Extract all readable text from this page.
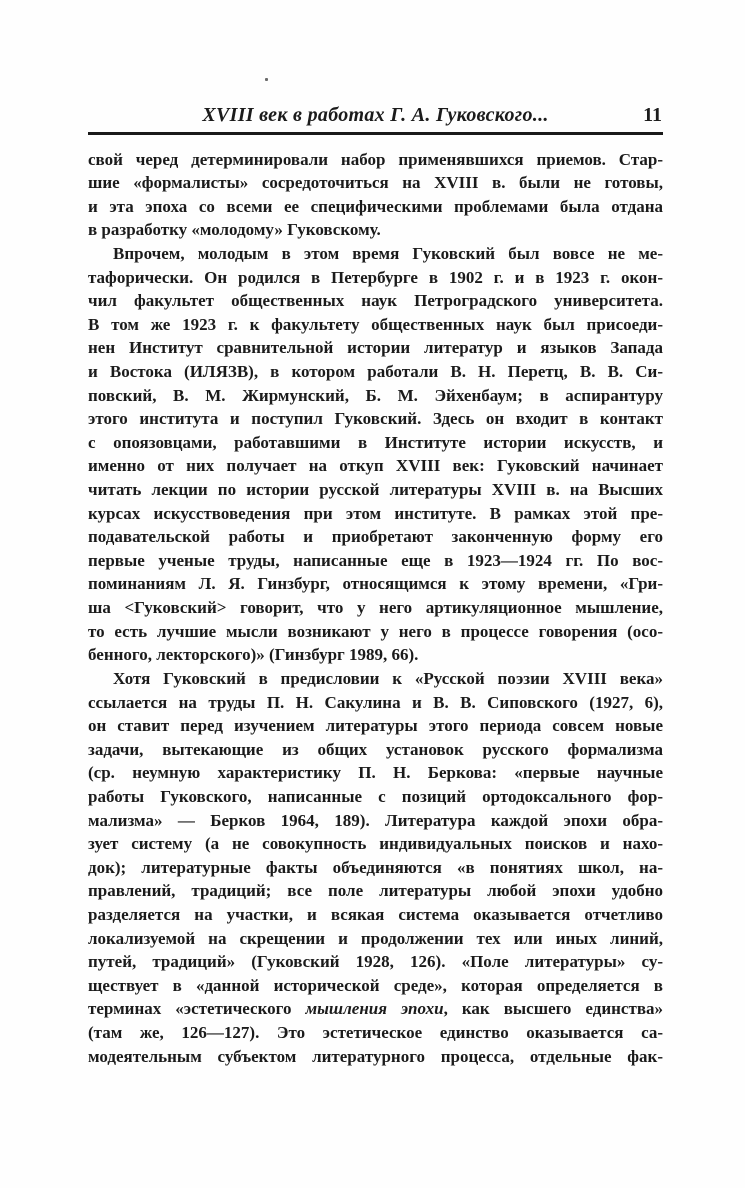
XVIII век в работах Г. А. Гуковского...	11
свой черед детерминировали набор применявшихся приемов. Стар-
шие «формалисты» сосредоточиться на XVIII в. были не готовы,
и эта эпоха со всеми ее специфическими проблемами была отдана
в разработку «молодому» Гуковскому.
Впрочем, молодым в этом время Гуковский был вовсе не ме-
тафорически. Он родился в Петербурге в 1902 г. и в 1923 г. окон-
чил факультет общественных наук Петроградского университета.
В том же 1923 г. к факультету общественных наук был присоеди-
нен Институт сравнительной истории литератур и языков Запада
и Востока (ИЛЯЗВ), в котором работали В. Н. Перетц, В. В. Си-
повский, В. М. Жирмунский, Б. М. Эйхенбаум; в аспирантуру
этого института и поступил Гуковский. Здесь он входит в контакт
с опоязовцами, работавшими в Институте истории искусств, и
именно от них получает на откуп XVIII век: Гуковский начинает
читать лекции по истории русской литературы XVIII в. на Высших
курсах искусствоведения при этом институте. В рамках этой пре-
подавательской работы и приобретают законченную форму его
первые ученые труды, написанные еще в 1923—1924 гг. По вос-
поминаниям Л. Я. Гинзбург, относящимся к этому времени, «Гри-
ша <Гуковский> говорит, что у него артикуляционное мышление,
то есть лучшие мысли возникают у него в процессе говорения (осо-
бенного, лекторского)» (Гинзбург 1989, 66).
Хотя Гуковский в предисловии к «Русской поэзии XVIII века»
ссылается на труды П. Н. Сакулина и В. В. Сиповского (1927, 6),
он ставит перед изучением литературы этого периода совсем новые
задачи, вытекающие из общих установок русского формализма
(ср. неумную характеристику П. Н. Беркова: «первые научные
работы Гуковского, написанные с позиций ортодоксального фор-
мализма» — Берков 1964, 189). Литература каждой эпохи обра-
зует систему (а не совокупность индивидуальных поисков и нахо-
док); литературные факты объединяются «в понятиях школ, на-
правлений, традиций; все поле литературы любой эпохи удобно
разделяется на участки, и всякая система оказывается отчетливо
локализуемой на скрещении и продолжении тех или иных линий,
путей, традиций» (Гуковский 1928, 126). «Поле литературы» су-
ществует в «данной исторической среде», которая определяется в
терминах «эстетического мышления эпохи, как высшего единства»
(там же, 126—127). Это эстетическое единство оказывается са-
модеятельным субъектом литературного процесса, отдельные фак-
